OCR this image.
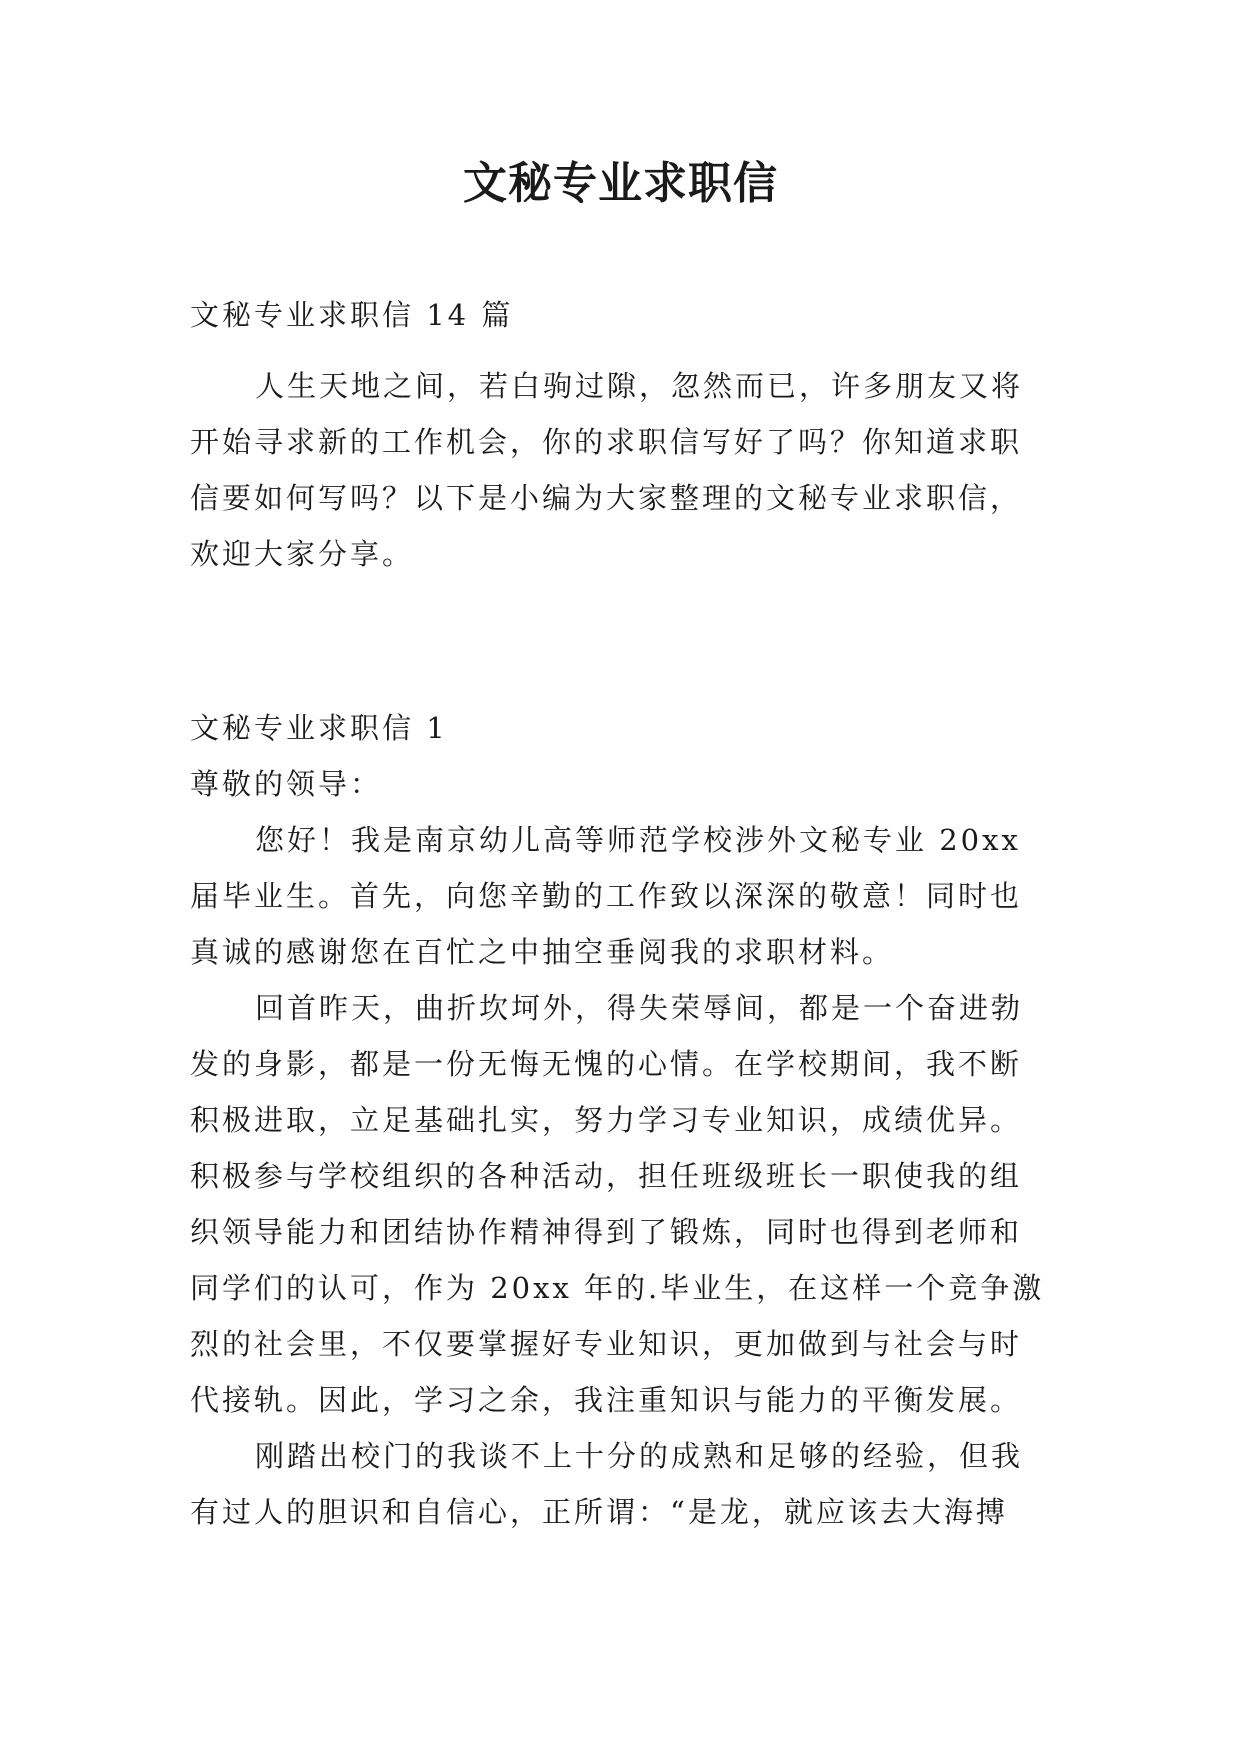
文秘专业求职信

文秘专业求职信 14 篇

人生天地之间，若白驹过隙，忽然而已，许多朋友又将

开始寻求新的工作机会，你的求职信写好了吗？你知道求职

信要如何写吗？以下是小编为大家整理的文秘专业求职信，

欢迎大家分享。

文秘专业求职信 1

尊敬的领导：

您好！我是南京幼儿高等师范学校涉外文秘专业 20xx

届毕业生。首先，向您辛勤的工作致以深深的敬意！同时也

真诚的感谢您在百忙之中抽空垂阅我的求职材料。

回首昨天，曲折坎坷外，得失荣辱间，都是一个奋进勃

发的身影，都是一份无悔无愧的心情。在学校期间，我不断

积极进取，立足基础扎实，努力学习专业知识，成绩优异。

积极参与学校组织的各种活动，担任班级班长一职使我的组

织领导能力和团结协作精神得到了锻炼，同时也得到老师和

同学们的认可，作为 20xx 年的.毕业生，在这样一个竞争激

烈的社会里，不仅要掌握好专业知识，更加做到与社会与时

代接轨。因此，学习之余，我注重知识与能力的平衡发展。

刚踏出校门的我谈不上十分的成熟和足够的经验，但我

有过人的胆识和自信心，正所谓：“是龙，就应该去大海搏
